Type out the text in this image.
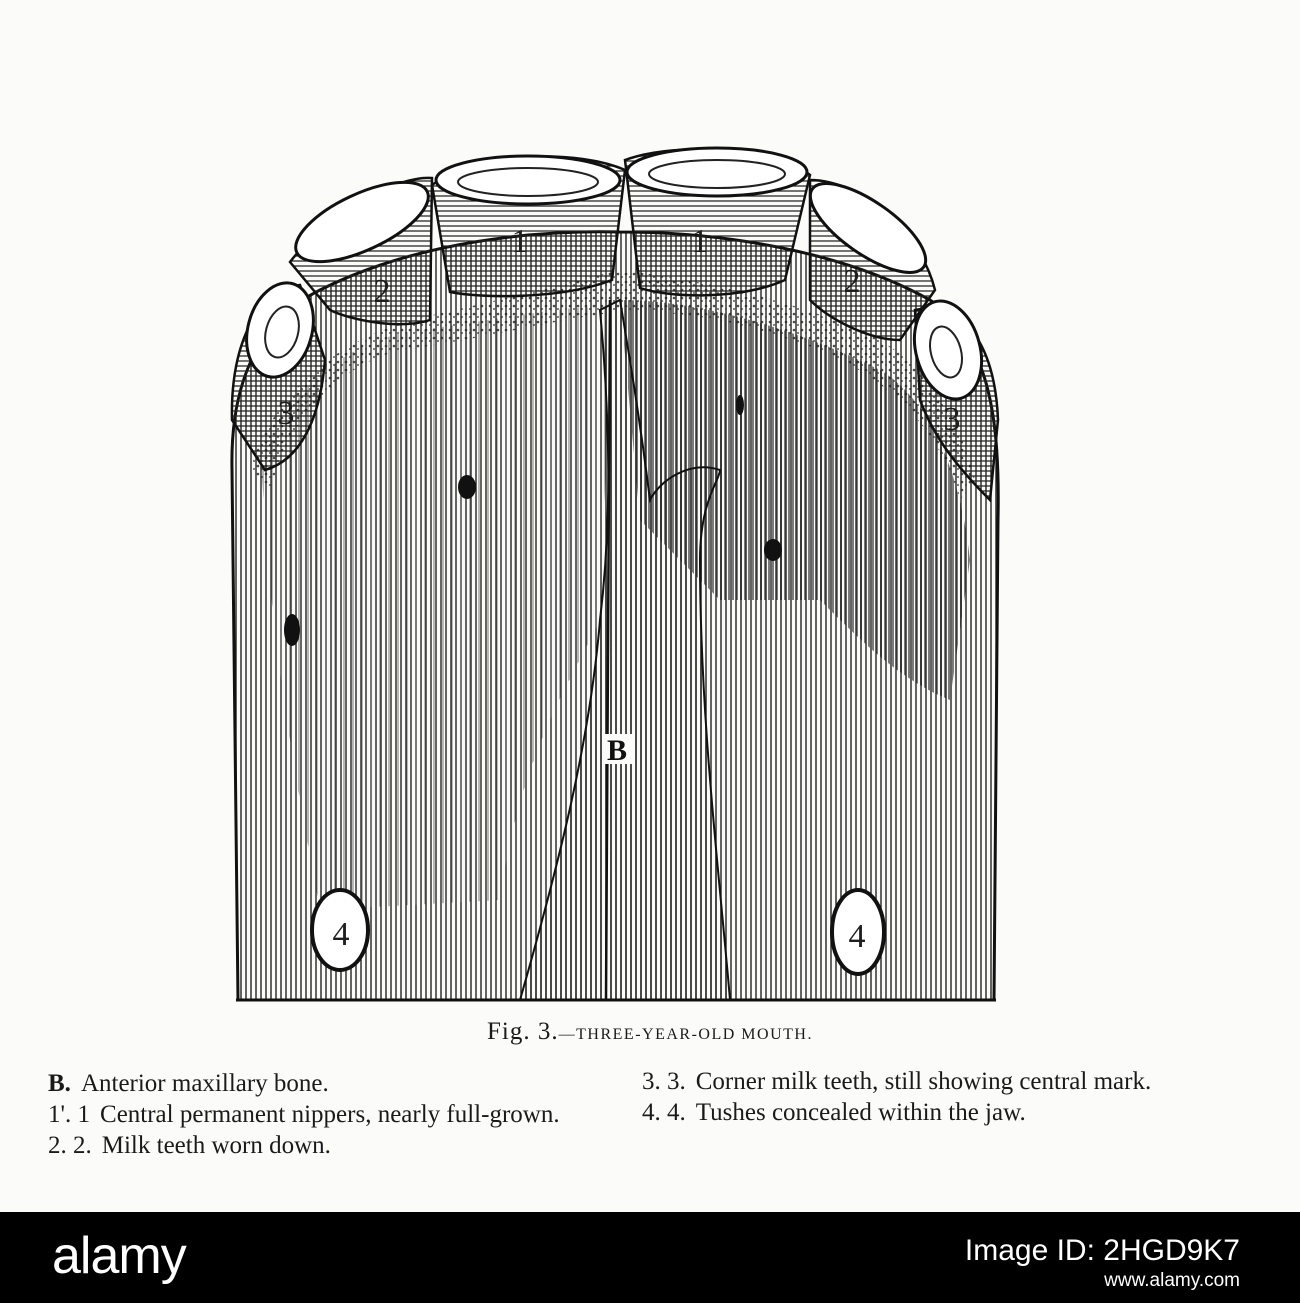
1	1
2	2
3	3
4	4
B
Fig. 3.—THREE-YEAR-OLD MOUTH.
B. Anterior maxillary bone.
1'. 1 Central permanent nippers, nearly full-grown.
2. 2. Milk teeth worn down.
3. 3. Corner milk teeth, still showing central mark.
4. 4. Tushes concealed within the jaw.
alamy	Image ID: 2HGD9K7
www.alamy.com
